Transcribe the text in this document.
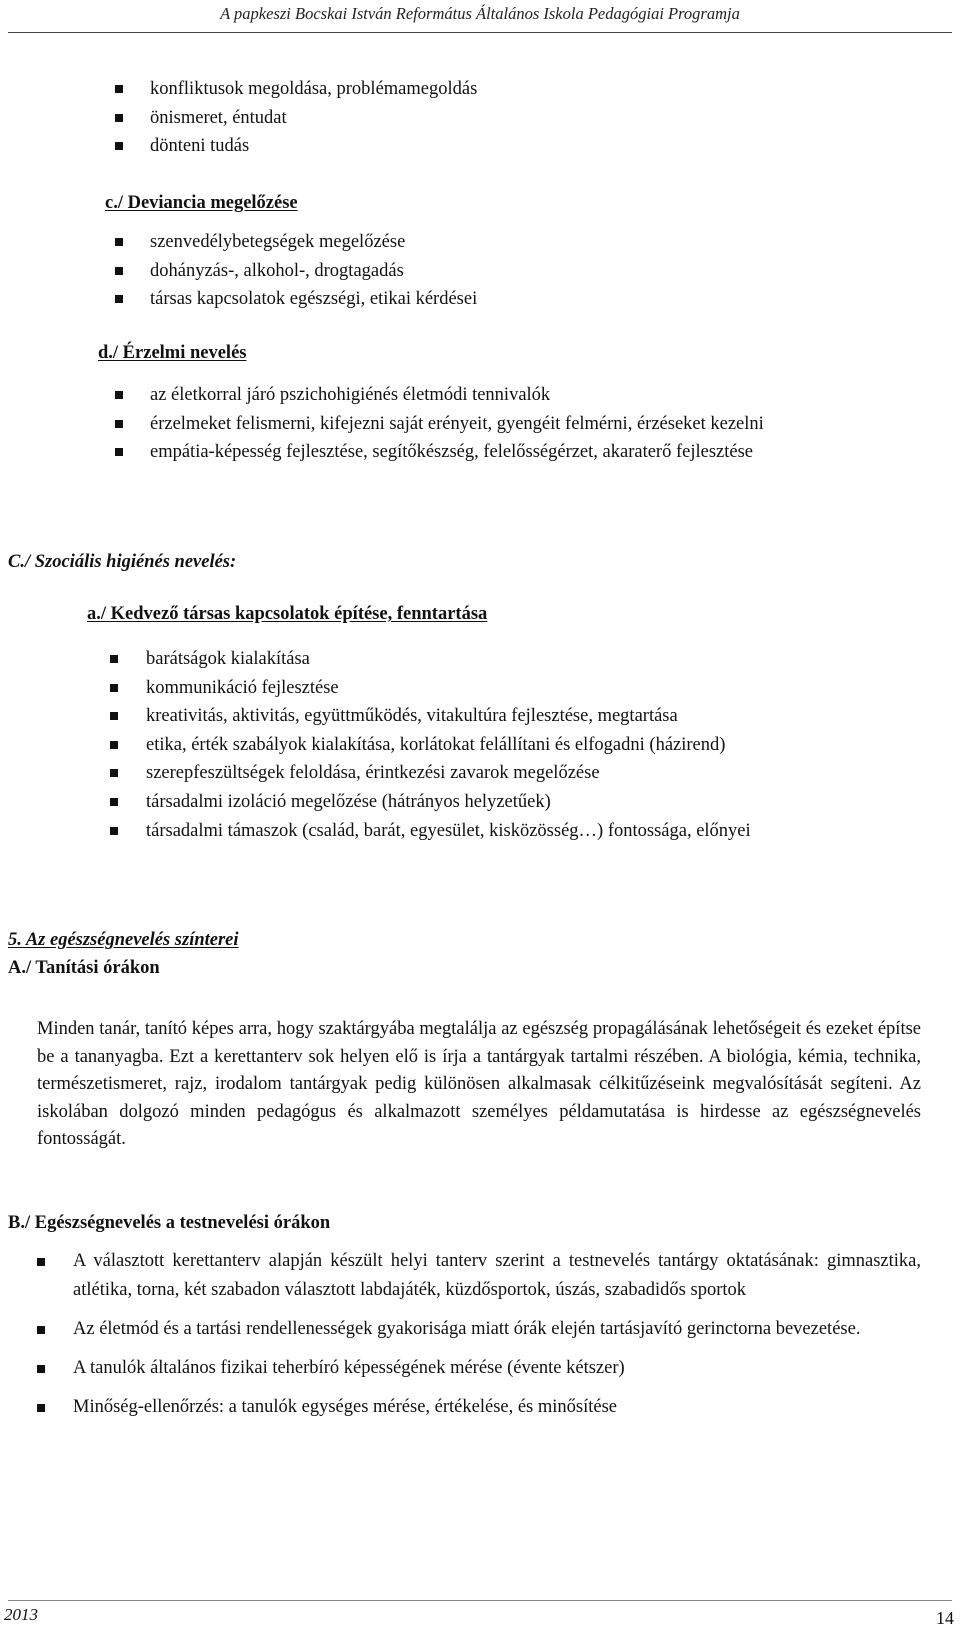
A papkeszi Bocskai István Református Általános Iskola Pedagógiai Programja
konfliktusok megoldása, problémamegoldás
önismeret, éntudat
dönteni tudás
c./ Deviancia megelőzése
szenvedélybetegségek megelőzése
dohányzás-, alkohol-, drogtagadás
társas kapcsolatok egészségi, etikai kérdései
d./ Érzelmi nevelés
az életkorral járó pszichohigiénés életmódi tennivalók
érzelmeket felismerni, kifejezni saját erényeit, gyengéit felmérni, érzéseket kezelni
empátia-képesség fejlesztése, segítőkészség, felelősségérzet, akaraterő fejlesztése
C./ Szociális higiénés nevelés:
a./ Kedvező társas kapcsolatok építése, fenntartása
barátságok kialakítása
kommunikáció fejlesztése
kreativitás, aktivitás, együttműködés, vitakultúra fejlesztése, megtartása
etika, érték szabályok kialakítása, korlátokat felállítani és elfogadni (házirend)
szerepfeszültségek feloldása, érintkezési zavarok megelőzése
társadalmi izoláció megelőzése (hátrányos helyzetűek)
társadalmi támaszok (család, barát, egyesület, kisközösség…) fontossága, előnyei
5. Az egészségnevelés színterei
A./ Tanítási órákon

Minden tanár, tanító képes arra, hogy szaktárgyába megtalálja az egészség propagálásának lehetőségeit és ezeket építse be a tananyagba. Ezt a kerettanterv sok helyen elő is írja a tantárgyak tartalmi részében. A biológia, kémia, technika, természetismeret, rajz, irodalom tantárgyak pedig különösen alkalmasak célkitűzéseink megvalósítását segíteni. Az iskolában dolgozó minden pedagógus és alkalmazott személyes példamutatása is hirdesse az egészségnevelés fontosságát.

B./ Egészségnevelés a testnevelési órákon
A választott kerettanterv alapján készült helyi tanterv szerint a testnevelés tantárgy oktatásának: gimnasztika, atlétika, torna, két szabadon választott labdajáték, küzdősportok, úszás, szabadidős sportok
Az életmód és a tartási rendellenességek gyakorisága miatt órák elején tartásjavító gerinctorna bevezetése.
A tanulók általános fizikai teherbíró képességének mérése (évente kétszer)
Minőség-ellenőrzés: a tanulók egységes mérése, értékelése, és minősítése
2013	14
